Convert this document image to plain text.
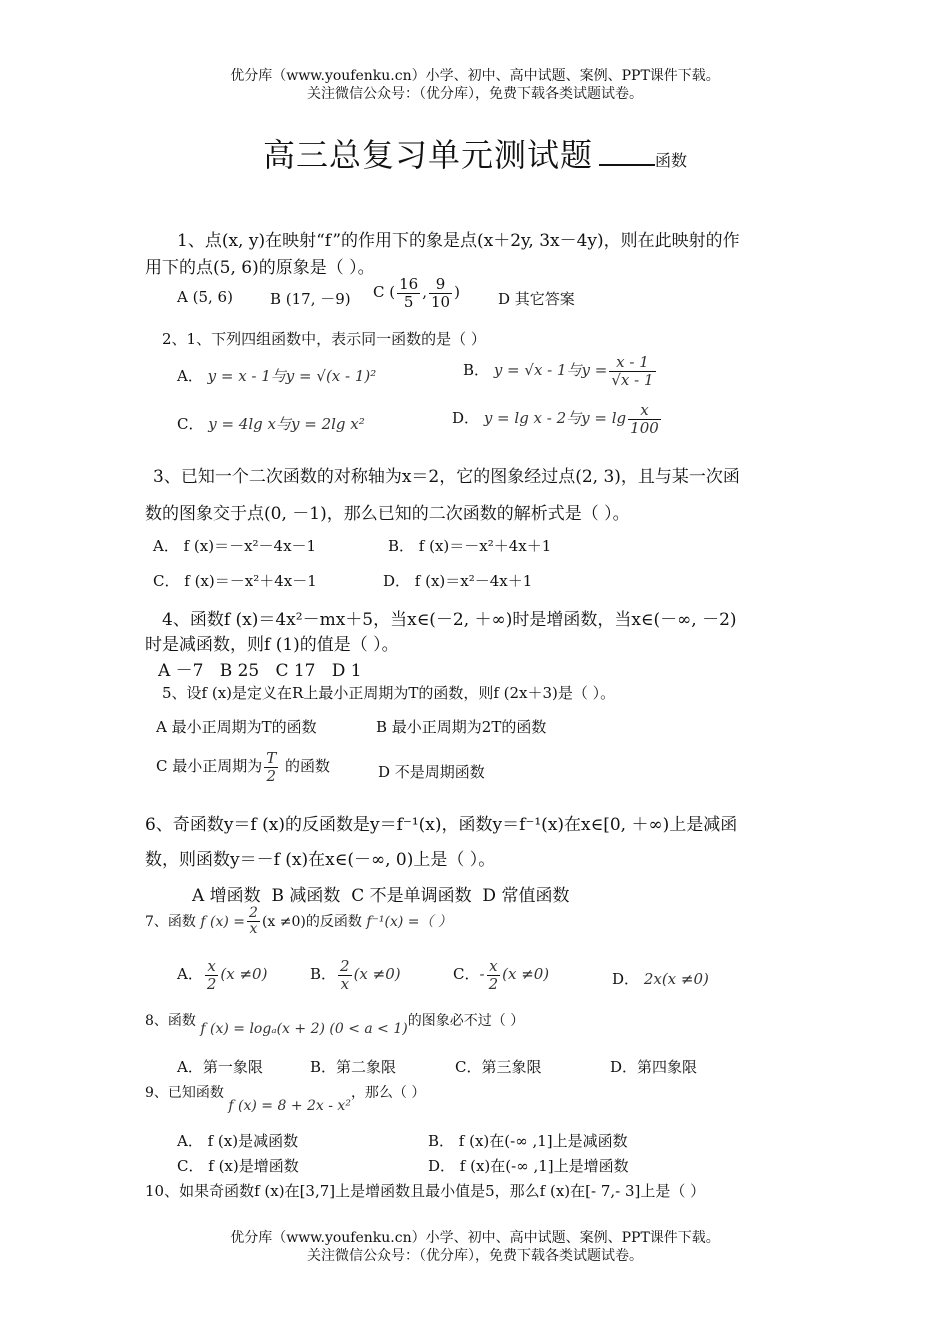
优分库（www.youfenku.cn）小学、初中、高中试题、案例、PPT课件下载。
关注微信公众号：（优分库），免费下载各类试题试卷。
高三总复习单元测试题	函数
1、点(x, y)在映射“f”的作用下的象是点(x＋2y, 3x－4y)，则在此映射的作
用下的点(5, 6)的原象是（ ）。
A (5, 6) B (17, －9) C ( $\frac{16}{5}$ , $\frac{9}{10}$ )	D 其它答案
2、1、下列四组函数中，表示同一函数的是（ ）
A． y = x - 1与y = √(x - 1)²	B． y = √x - 1与$y = \frac{x - 1}{√x - 1}$
C． y = 4lg x与y = 2lg x²	D． y = lg x - 2与$y = \lg \frac{x}{100}$
3、已知一个二次函数的对称轴为x＝2，它的图象经过点(2, 3)，且与某一次函
数的图象交于点(0, －1)，那么已知的二次函数的解析式是（ ）。
A． f (x)＝－x²－4x－1	B． f (x)＝－x²＋4x＋1
C． f (x)＝－x²＋4x－1	D． f (x)＝x²－4x＋1
4、函数f (x)＝4x²－mx＋5，当x∈(－2, ＋∞)时是增函数，当x∈(－∞, －2)
时是减函数，则f (1)的值是（ ）。
A －7   B 25   C 17   D 1
5、设f (x)是定义在R上最小正周期为T的函数，则f (2x＋3)是（ ）。
A 最小正周期为T的函数	B 最小正周期为2T的函数
C 最小正周期为 $\frac{T}{2}$ 的函数	D 不是周期函数
6、奇函数y＝f (x)的反函数是y＝f⁻¹(x)，函数y＝f⁻¹(x)在x∈[0, ＋∞)上是减函
数，则函数y＝－f (x)在x∈(－∞, 0)上是（ ）。
A 增函数  B 减函数  C 不是单调函数  D 常值函数
7、函数 f $(x) = \frac{2}{x} (x \ne 0)$的反函数 f⁻¹(x) =（ ）
A． $\frac{x}{2} (x \ne 0)$	B． $\frac{2}{x} (x \ne 0)$	C．- $\frac{x}{2} (x \ne 0)$	D． 2x(x ≠0)
8、函数 f (x) = logₐ(x + 2) (0 < a < 1)的图象必不过（ ）
A．第一象限	B．第二象限	C．第三象限	D．第四象限
9、已知函数 f (x) = 8 + 2x - x²，那么（ ）
A． f (x)是减函数	B． f (x)在(-∞ ,1]上是减函数
C． f (x)是增函数	D． f (x)在(-∞ ,1]上是增函数
10、如果奇函数f (x)在[3,7]上是增函数且最小值是5，那么f (x)在[- 7,- 3]上是（ ）
优分库（www.youfenku.cn）小学、初中、高中试题、案例、PPT课件下载。
关注微信公众号：（优分库），免费下载各类试题试卷。
